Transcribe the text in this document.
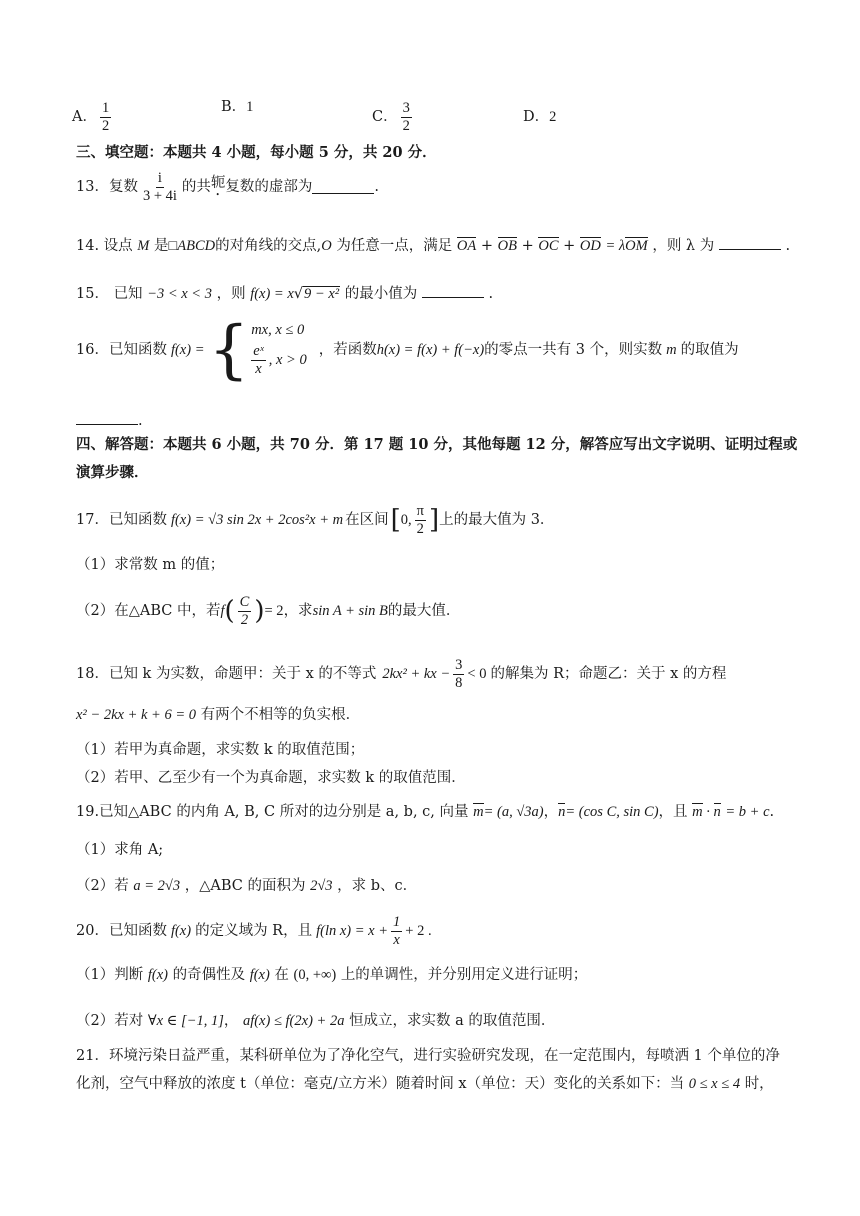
A． $\frac{1}{2}$	B． 1
C． $\frac{3}{2}$	D． 2
三、填空题：本题共 4 小题，每小题 5 分，共 20 分．
13． 复数 $\frac{i}{3 + 4i}$ 的共 轭 复数的虚部为	.
14. 设点 M 是□ABCD的对角线的交点,O 为任意一点，满足 OA + OB + OC + OD = λOM ，则 λ 为	.
15． 已知 −3 < x < 3 ，则 f(x) = x√9 − x² 的最小值为	.
16． 已知函数 f(x) = { mx, x ≤ 0
$\frac{\text{eˣ}}{x}$ , x > 0
，若函数 h(x) = f(x) + f(−x) 的零点一共有 3 个，则实数 m 的取值为
.
四、解答题：本题共 6 小题，共 70 分．第 17 题 10 分，其他每题 12 分，解答应写出文字说明、证明过程或
演算步骤．
17． 已知函数 f(x) = √3 sin 2x + 2cos²x + m 在区间 [ 0, $\frac{\pi}{2}$ ] 上的最大值为 3．
（1）求常数 m 的值；
（2）在△ABC 中，若 f ( $\frac{C}{2}$ ) = 2 ，求 sin A + sin B 的最大值．
18． 已知 k 为实数，命题甲：关于 x 的不等式 2kx² + kx − $\frac{3}{8} < 0$ 的解集为 R；命题乙：关于 x 的方程
x² − 2kx + k + 6 = 0 有两个不相等的负实根．
（1）若甲为真命题，求实数 k 的取值范围；
（2）若甲、乙至少有一个为真命题，求实数 k 的取值范围．
19.已知△ABC 的内角 A, B, C 所对的边分别是 a, b, c, 向量 m= (a, √3a)，n= (cos C, sin C)，且 m · n = b + c.
（1）求角 A;
（2）若 a = 2√3 ，△ABC 的面积为 2√3 ，求 b、c．
20． 已知函数 f(x) 的定义域为 R，且 f(ln $x) = x + \frac{1}{x} + 2$ .
（1）判断 f(x) 的奇偶性及 f(x) 在 (0, +∞) 上的单调性，并分别用定义进行证明；
（2）若对 ∀x ∈ [−1, 1]， af(x) ≤ f(2x) + 2a 恒成立，求实数 a 的取值范围．
21．环境污染日益严重，某科研单位为了净化空气，进行实验研究发现，在一定范围内，每喷洒 1 个单位的净
化剂，空气中释放的浓度 t（单位：毫克/立方米）随着时间 x（单位：天）变化的关系如下：当 0 ≤ x ≤ 4 时，
